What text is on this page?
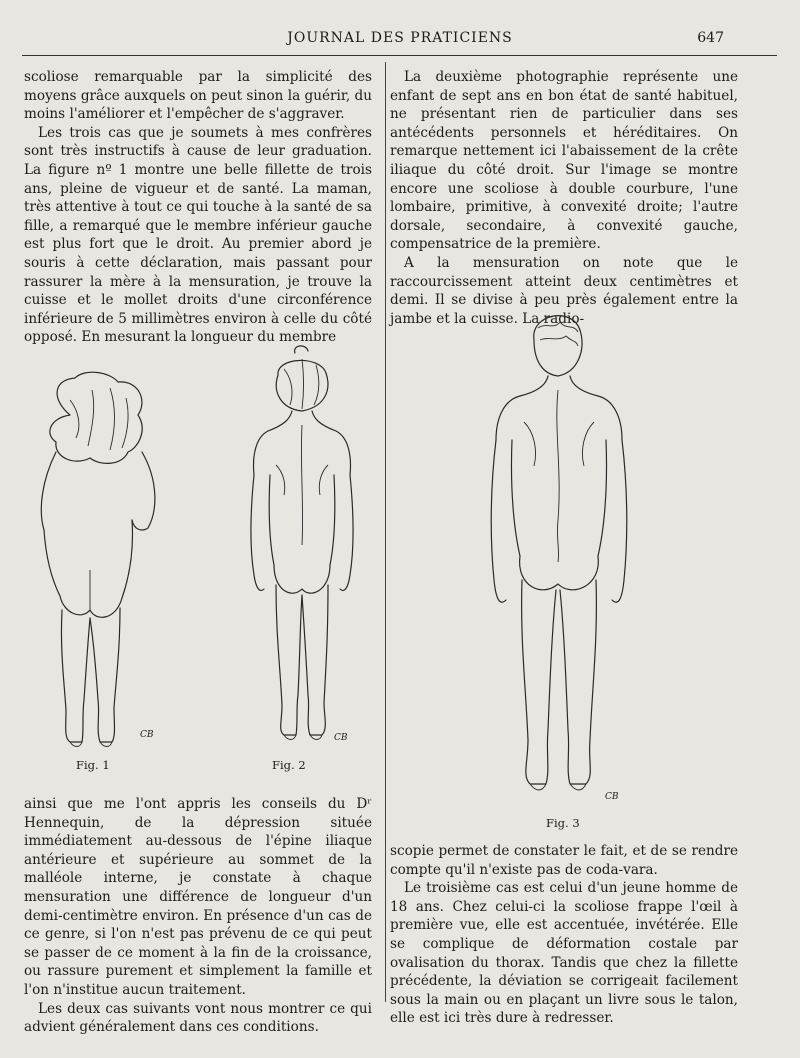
JOURNAL DES PRATICIENS	647

scoliose remarquable par la simplicité des moyens grâce auxquels on peut sinon la guérir, du moins l'améliorer et l'empêcher de s'aggraver.

Les trois cas que je soumets à mes confrères sont très instructifs à cause de leur graduation. La figure nº 1 montre une belle fillette de trois ans, pleine de vigueur et de santé. La maman, très attentive à tout ce qui touche à la santé de sa fille, a remarqué que le membre inférieur gauche est plus fort que le droit. Au premier abord je souris à cette déclaration, mais passant pour rassurer la mère à la mensuration, je trouve la cuisse et le mollet droits d'une circonférence inférieure de 5 millimètres environ à celle du côté opposé. En mesurant la longueur du membre

CB
Fig. 1
CB
Fig. 2

ainsi que me l'ont appris les conseils du Dʳ Hennequin, de la dépression située immédiatement au-dessous de l'épine iliaque antérieure et supérieure au sommet de la malléole interne, je constate à chaque mensuration une différence de longueur d'un demi-centimètre environ. En présence d'un cas de ce genre, si l'on n'est pas prévenu de ce qui peut se passer de ce moment à la fin de la croissance, ou rassure purement et simplement la famille et l'on n'institue aucun traitement.

Les deux cas suivants vont nous montrer ce qui advient généralement dans ces conditions.

La deuxième photographie représente une enfant de sept ans en bon état de santé habituel, ne présentant rien de particulier dans ses antécédents personnels et héréditaires. On remarque nettement ici l'abaissement de la crête iliaque du côté droit. Sur l'image se montre encore une scoliose à double courbure, l'une lombaire, primitive, à convexité droite; l'autre dorsale, secondaire, à convexité gauche, compensatrice de la première.

A la mensuration on note que le raccourcissement atteint deux centimètres et demi. Il se divise à peu près également entre la jambe et la cuisse. La radio-

CB
Fig. 3

scopie permet de constater le fait, et de se rendre compte qu'il n'existe pas de coda-vara.

Le troisième cas est celui d'un jeune homme de 18 ans. Chez celui-ci la scoliose frappe l'œil à première vue, elle est accentuée, invétérée. Elle se complique de déformation costale par ovalisation du thorax. Tandis que chez la fillette précédente, la déviation se corrigeait facilement sous la main ou en plaçant un livre sous le talon, elle est ici très dure à redresser.
